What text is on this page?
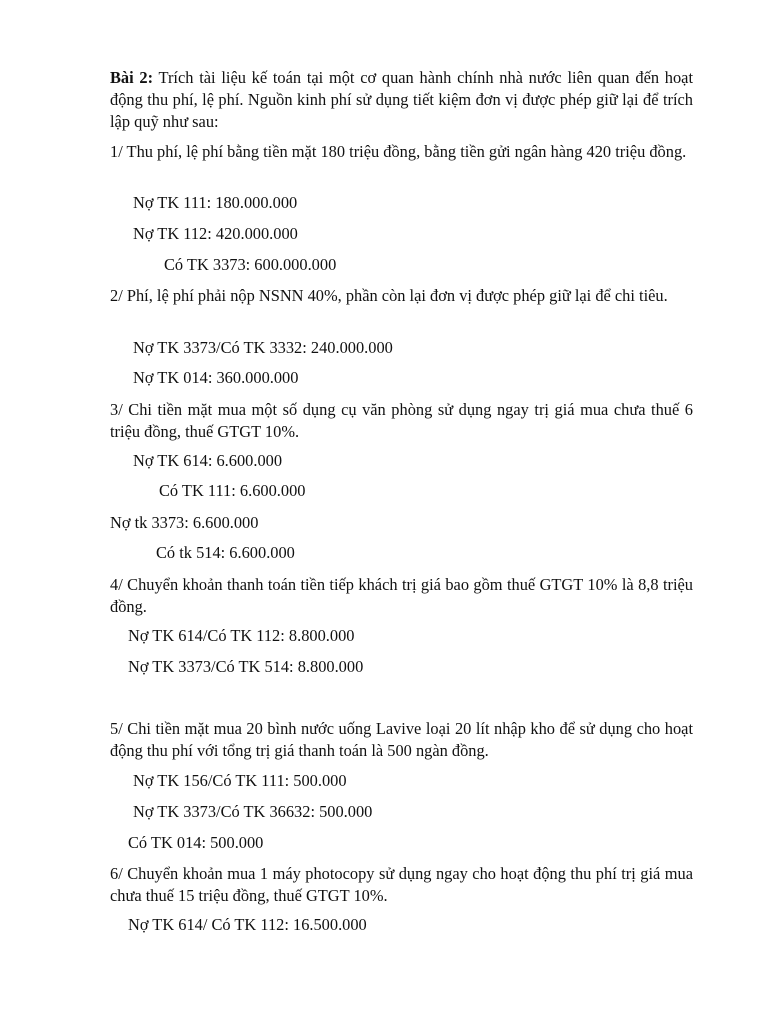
Bài 2: Trích tài liệu kế toán tại một cơ quan hành chính nhà nước liên quan đến hoạt động thu phí, lệ phí. Nguồn kinh phí sử dụng tiết kiệm đơn vị được phép giữ lại để trích lập quỹ như sau:

1/ Thu phí, lệ phí bằng tiền mặt 180 triệu đồng, bằng tiền gửi ngân hàng 420 triệu đồng.

Nợ TK 111: 180.000.000

Nợ TK 112: 420.000.000

Có TK 3373: 600.000.000

2/ Phí, lệ phí phải nộp NSNN 40%, phần còn lại đơn vị được phép giữ lại để chi tiêu.

Nợ TK 3373/Có TK 3332: 240.000.000

Nợ TK 014: 360.000.000

3/ Chi tiền mặt mua một số dụng cụ văn phòng sử dụng ngay trị giá mua chưa thuế 6 triệu đồng, thuế GTGT 10%.

Nợ TK 614: 6.600.000

Có TK 111: 6.600.000

Nợ tk 3373: 6.600.000

Có tk 514: 6.600.000

4/ Chuyển khoản thanh toán tiền tiếp khách trị giá bao gồm thuế GTGT 10% là 8,8 triệu đồng.

Nợ TK 614/Có TK 112: 8.800.000

Nợ TK 3373/Có TK 514: 8.800.000

5/ Chi tiền mặt mua 20 bình nước uống Lavive loại 20 lít nhập kho để sử dụng cho hoạt động thu phí với tổng trị giá thanh toán là 500 ngàn đồng.

Nợ TK 156/Có TK 111: 500.000

Nợ TK 3373/Có TK 36632: 500.000

Có TK 014: 500.000

6/ Chuyển khoản mua 1 máy photocopy sử dụng ngay cho hoạt động thu phí trị giá mua chưa thuế 15 triệu đồng, thuế GTGT 10%.

Nợ TK 614/ Có TK 112: 16.500.000
